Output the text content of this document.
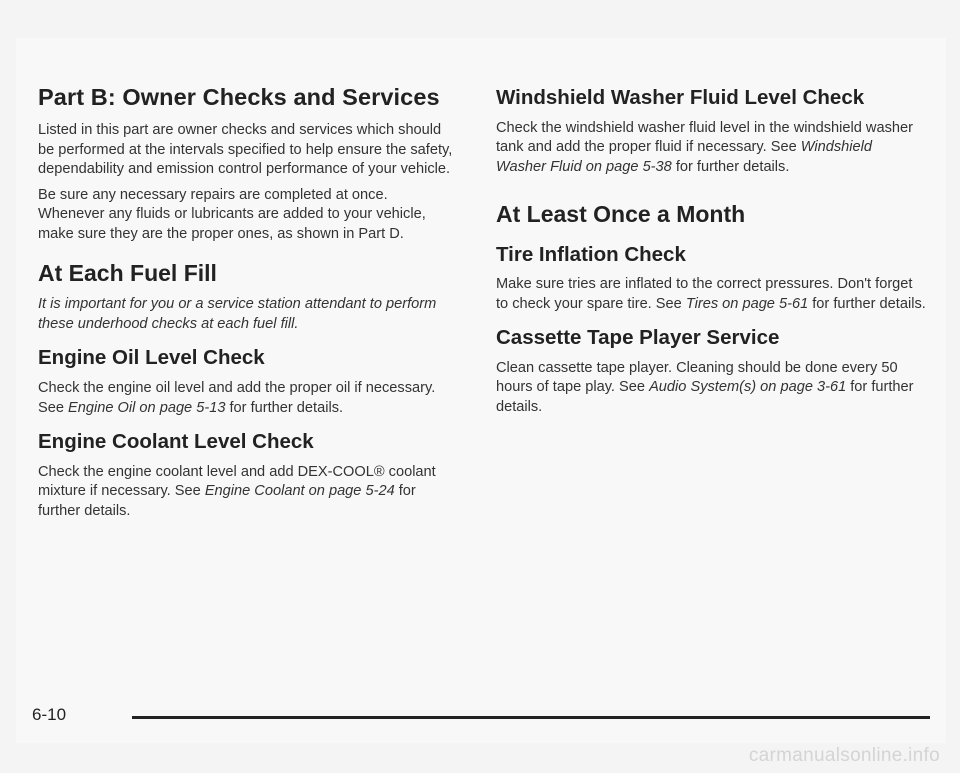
Part B: Owner Checks and Services

Listed in this part are owner checks and services which should be performed at the intervals specified to help ensure the safety, dependability and emission control performance of your vehicle.

Be sure any necessary repairs are completed at once. Whenever any fluids or lubricants are added to your vehicle, make sure they are the proper ones, as shown in Part D.

At Each Fuel Fill

It is important for you or a service station attendant to perform these underhood checks at each fuel fill.

Engine Oil Level Check

Check the engine oil level and add the proper oil if necessary. See Engine Oil on page 5-13 for further details.

Engine Coolant Level Check

Check the engine coolant level and add DEX-COOL® coolant mixture if necessary. See Engine Coolant on page 5-24 for further details.

Windshield Washer Fluid Level Check

Check the windshield washer fluid level in the windshield washer tank and add the proper fluid if necessary. See Windshield Washer Fluid on page 5-38 for further details.

At Least Once a Month
Tire Inflation Check

Make sure tries are inflated to the correct pressures. Don't forget to check your spare tire. See Tires on page 5-61 for further details.

Cassette Tape Player Service

Clean cassette tape player. Cleaning should be done every 50 hours of tape play. See Audio System(s) on page 3-61 for further details.

6-10
carmanualsonline.info
